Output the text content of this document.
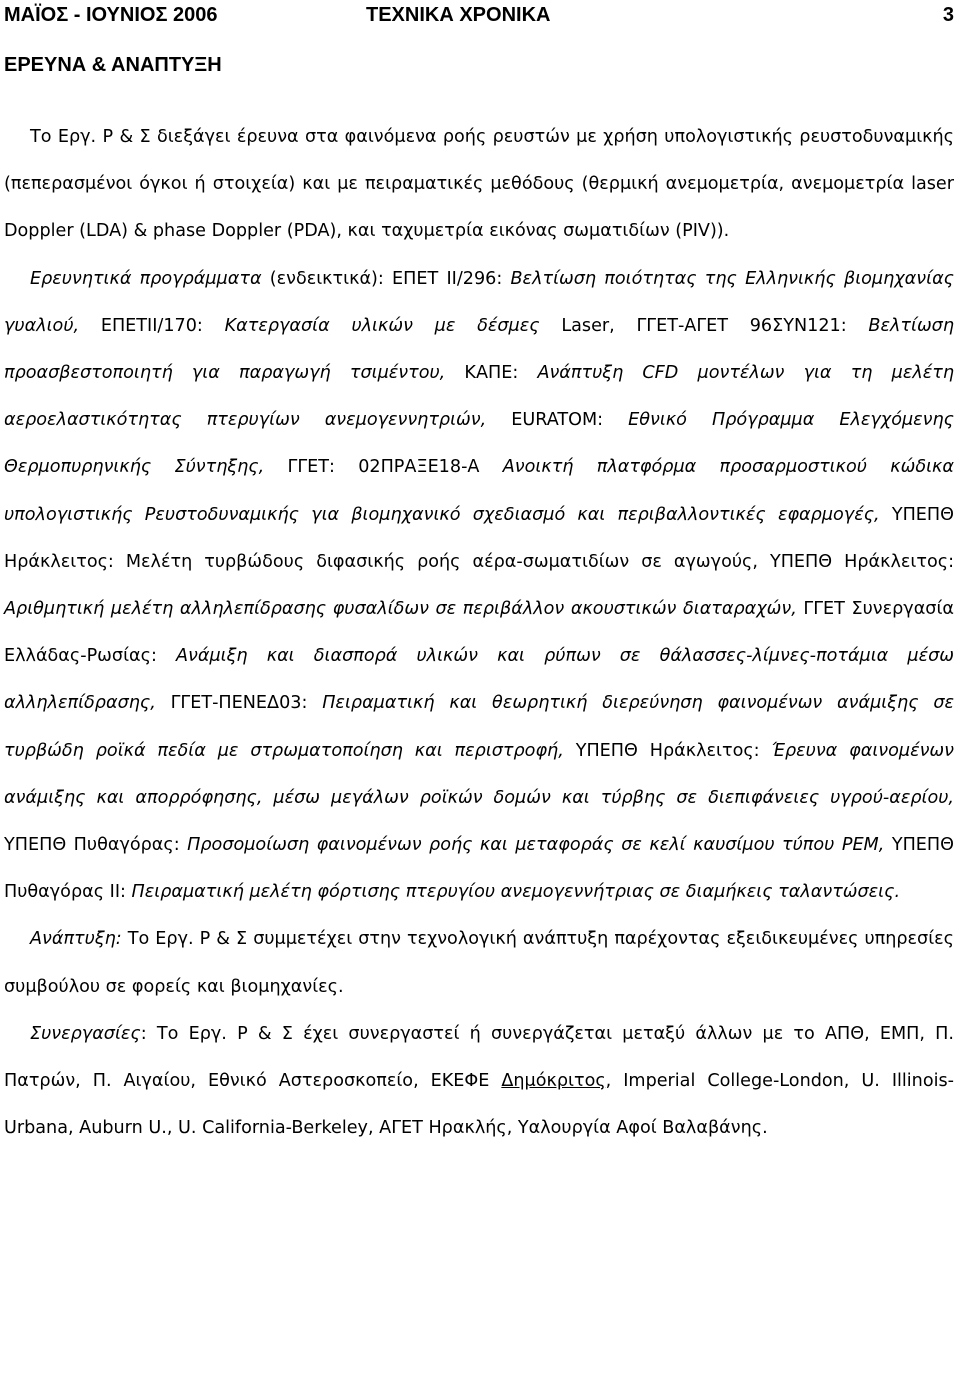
ΜΑΪΟΣ - ΙΟΥΝΙΟΣ 2006	ΤΕΧΝΙΚΑ ΧΡΟΝΙΚΑ	3
ΕΡΕΥΝΑ & ΑΝΑΠΤΥΞΗ

Το Εργ. Ρ & Σ διεξάγει έρευνα στα φαινόμενα ροής ρευστών με χρήση υπολογιστικής ρευστοδυναμικής (πεπερασμένοι όγκοι ή στοιχεία) και με πειραματικές μεθόδους (θερμική ανεμομετρία, ανεμομετρία laser Doppler (LDA) & phase Doppler (PDA), και ταχυμετρία εικόνας σωματιδίων (PIV)).

Ερευνητικά προγράμματα (ενδεικτικά): ΕΠΕΤ ΙΙ/296: Βελτίωση ποιότητας της Ελληνικής βιομηχανίας γυαλιού, ΕΠΕΤΙΙ/170: Κατεργασία υλικών με δέσμες Laser, ΓΓΕΤ-ΑΓΕΤ 96ΣΥΝ121: Βελτίωση προασβεστοποιητή για παραγωγή τσιμέντου, ΚΑΠΕ: Ανάπτυξη CFD μοντέλων για τη μελέτη αεροελαστικότητας πτερυγίων ανεμογεννητριών, EURATOM: Εθνικό Πρόγραμμα Ελεγχόμενης Θερμοπυρηνικής Σύντηξης, ΓΓΕΤ: 02ΠΡΑΞΕ18-Α Ανοικτή πλατφόρμα προσαρμοστικού κώδικα υπολογιστικής Ρευστοδυναμικής για βιομηχανικό σχεδιασμό και περιβαλλοντικές εφαρμογές, ΥΠΕΠΘ Ηράκλειτος: Μελέτη τυρβώδους διφασικής ροής αέρα-σωματιδίων σε αγωγούς, ΥΠΕΠΘ Ηράκλειτος: Αριθμητική μελέτη αλληλεπίδρασης φυσαλίδων σε περιβάλλον ακουστικών διαταραχών, ΓΓΕΤ Συνεργασία Ελλάδας-Ρωσίας: Ανάμιξη και διασπορά υλικών και ρύπων σε θάλασσες-λίμνες-ποτάμια μέσω αλληλεπίδρασης, ΓΓΕΤ-ΠΕΝΕΔ03: Πειραματική και θεωρητική διερεύνηση φαινομένων ανάμιξης σε τυρβώδη ροϊκά πεδία με στρωματοποίηση και περιστροφή, ΥΠΕΠΘ Ηράκλειτος: Έρευνα φαινομένων ανάμιξης και απορρόφησης, μέσω μεγάλων ροϊκών δομών και τύρβης σε διεπιφάνειες υγρού-αερίου, ΥΠΕΠΘ Πυθαγόρας: Προσομοίωση φαινομένων ροής και μεταφοράς σε κελί καυσίμου τύπου PEM, ΥΠΕΠΘ Πυθαγόρας ΙΙ: Πειραματική μελέτη φόρτισης πτερυγίου ανεμογεννήτριας σε διαμήκεις ταλαντώσεις.

Ανάπτυξη: Το Εργ. Ρ & Σ συμμετέχει στην τεχνολογική ανάπτυξη παρέχοντας εξειδικευμένες υπηρεσίες συμβούλου σε φορείς και βιομηχανίες.

Συνεργασίες: Το Εργ. Ρ & Σ έχει συνεργαστεί ή συνεργάζεται μεταξύ άλλων με το ΑΠΘ, ΕΜΠ, Π. Πατρών, Π. Αιγαίου, Εθνικό Αστεροσκοπείο, ΕΚΕΦΕ Δημόκριτος, Imperial College-London, U. Illinois-Urbana, Auburn U., U. California-Berkeley, ΑΓΕΤ Ηρακλής, Υαλουργία Αφοί Βαλαβάνης.
